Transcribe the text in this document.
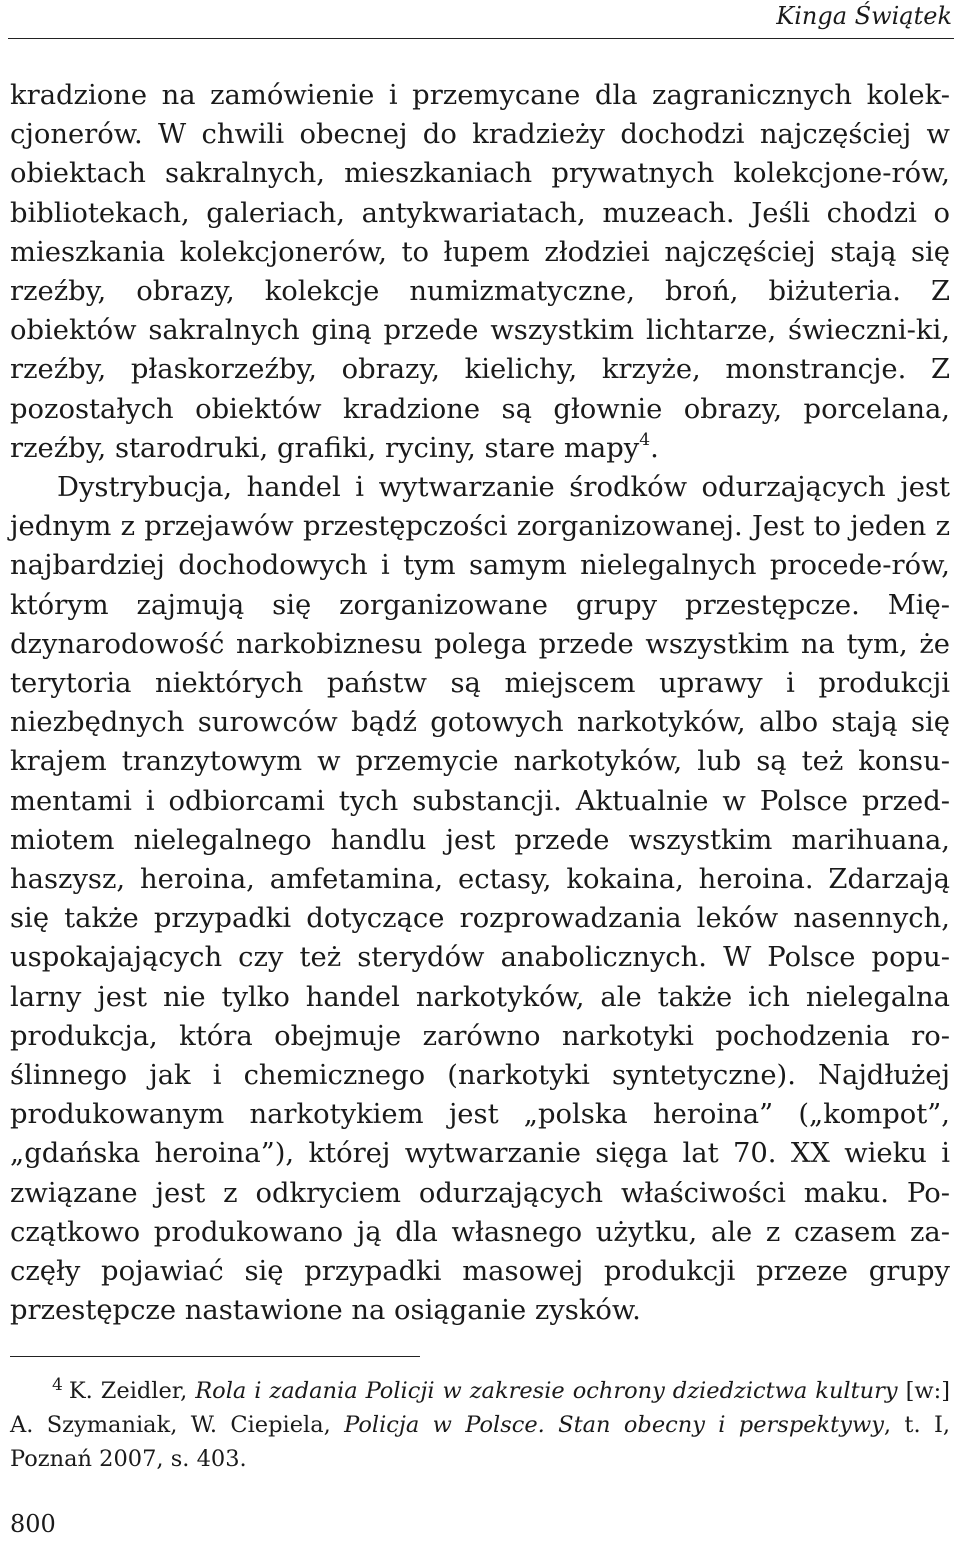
Kinga Świątek

kradzione na zamówienie i przemycane dla zagranicznych kolek-cjonerów. W chwili obecnej do kradzieży dochodzi najczęściej w obiektach sakralnych, mieszkaniach prywatnych kolekcjone-rów, bibliotekach, galeriach, antykwariatach, muzeach. Jeśli chodzi o mieszkania kolekcjonerów, to łupem złodziei najczęściej stają się rzeźby, obrazy, kolekcje numizmatyczne, broń, biżuteria. Z obiektów sakralnych giną przede wszystkim lichtarze, świeczni-ki, rzeźby, płaskorzeźby, obrazy, kielichy, krzyże, monstrancje. Z pozostałych obiektów kradzione są głownie obrazy, porcelana, rzeźby, starodruki, grafiki, ryciny, stare mapy$^4$.

Dystrybucja, handel i wytwarzanie środków odurzających jest jednym z przejawów przestępczości zorganizowanej. Jest to jeden z najbardziej dochodowych i tym samym nielegalnych procede-rów, którym zajmują się zorganizowane grupy przestępcze. Mię-dzynarodowość narkobiznesu polega przede wszystkim na tym, że terytoria niektórych państw są miejscem uprawy i produkcji niezbędnych surowców bądź gotowych narkotyków, albo stają się krajem tranzytowym w przemycie narkotyków, lub są też konsu-mentami i odbiorcami tych substancji. Aktualnie w Polsce przed-miotem nielegalnego handlu jest przede wszystkim marihuana, haszysz, heroina, amfetamina, ectasy, kokaina, heroina. Zdarzają się także przypadki dotyczące rozprowadzania leków nasennych, uspokajających czy też sterydów anabolicznych. W Polsce popu-larny jest nie tylko handel narkotyków, ale także ich nielegalna produkcja, która obejmuje zarówno narkotyki pochodzenia ro-ślinnego jak i chemicznego (narkotyki syntetyczne). Najdłużej produkowanym narkotykiem jest „polska heroina” („kompot”, „gdańska heroina”), której wytwarzanie sięga lat 70. XX wieku i związane jest z odkryciem odurzających właściwości maku. Po-czątkowo produkowano ją dla własnego użytku, ale z czasem za-częły pojawiać się przypadki masowej produkcji przeze grupy przestępcze nastawione na osiąganie zysków.

4 K. Zeidler, Rola i zadania Policji w zakresie ochrony dziedzictwa kultury [w:] A. Szymaniak, W. Ciepiela, Policja w Polsce. Stan obecny i perspektywy, t. I, Poznań 2007, s. 403.

800
